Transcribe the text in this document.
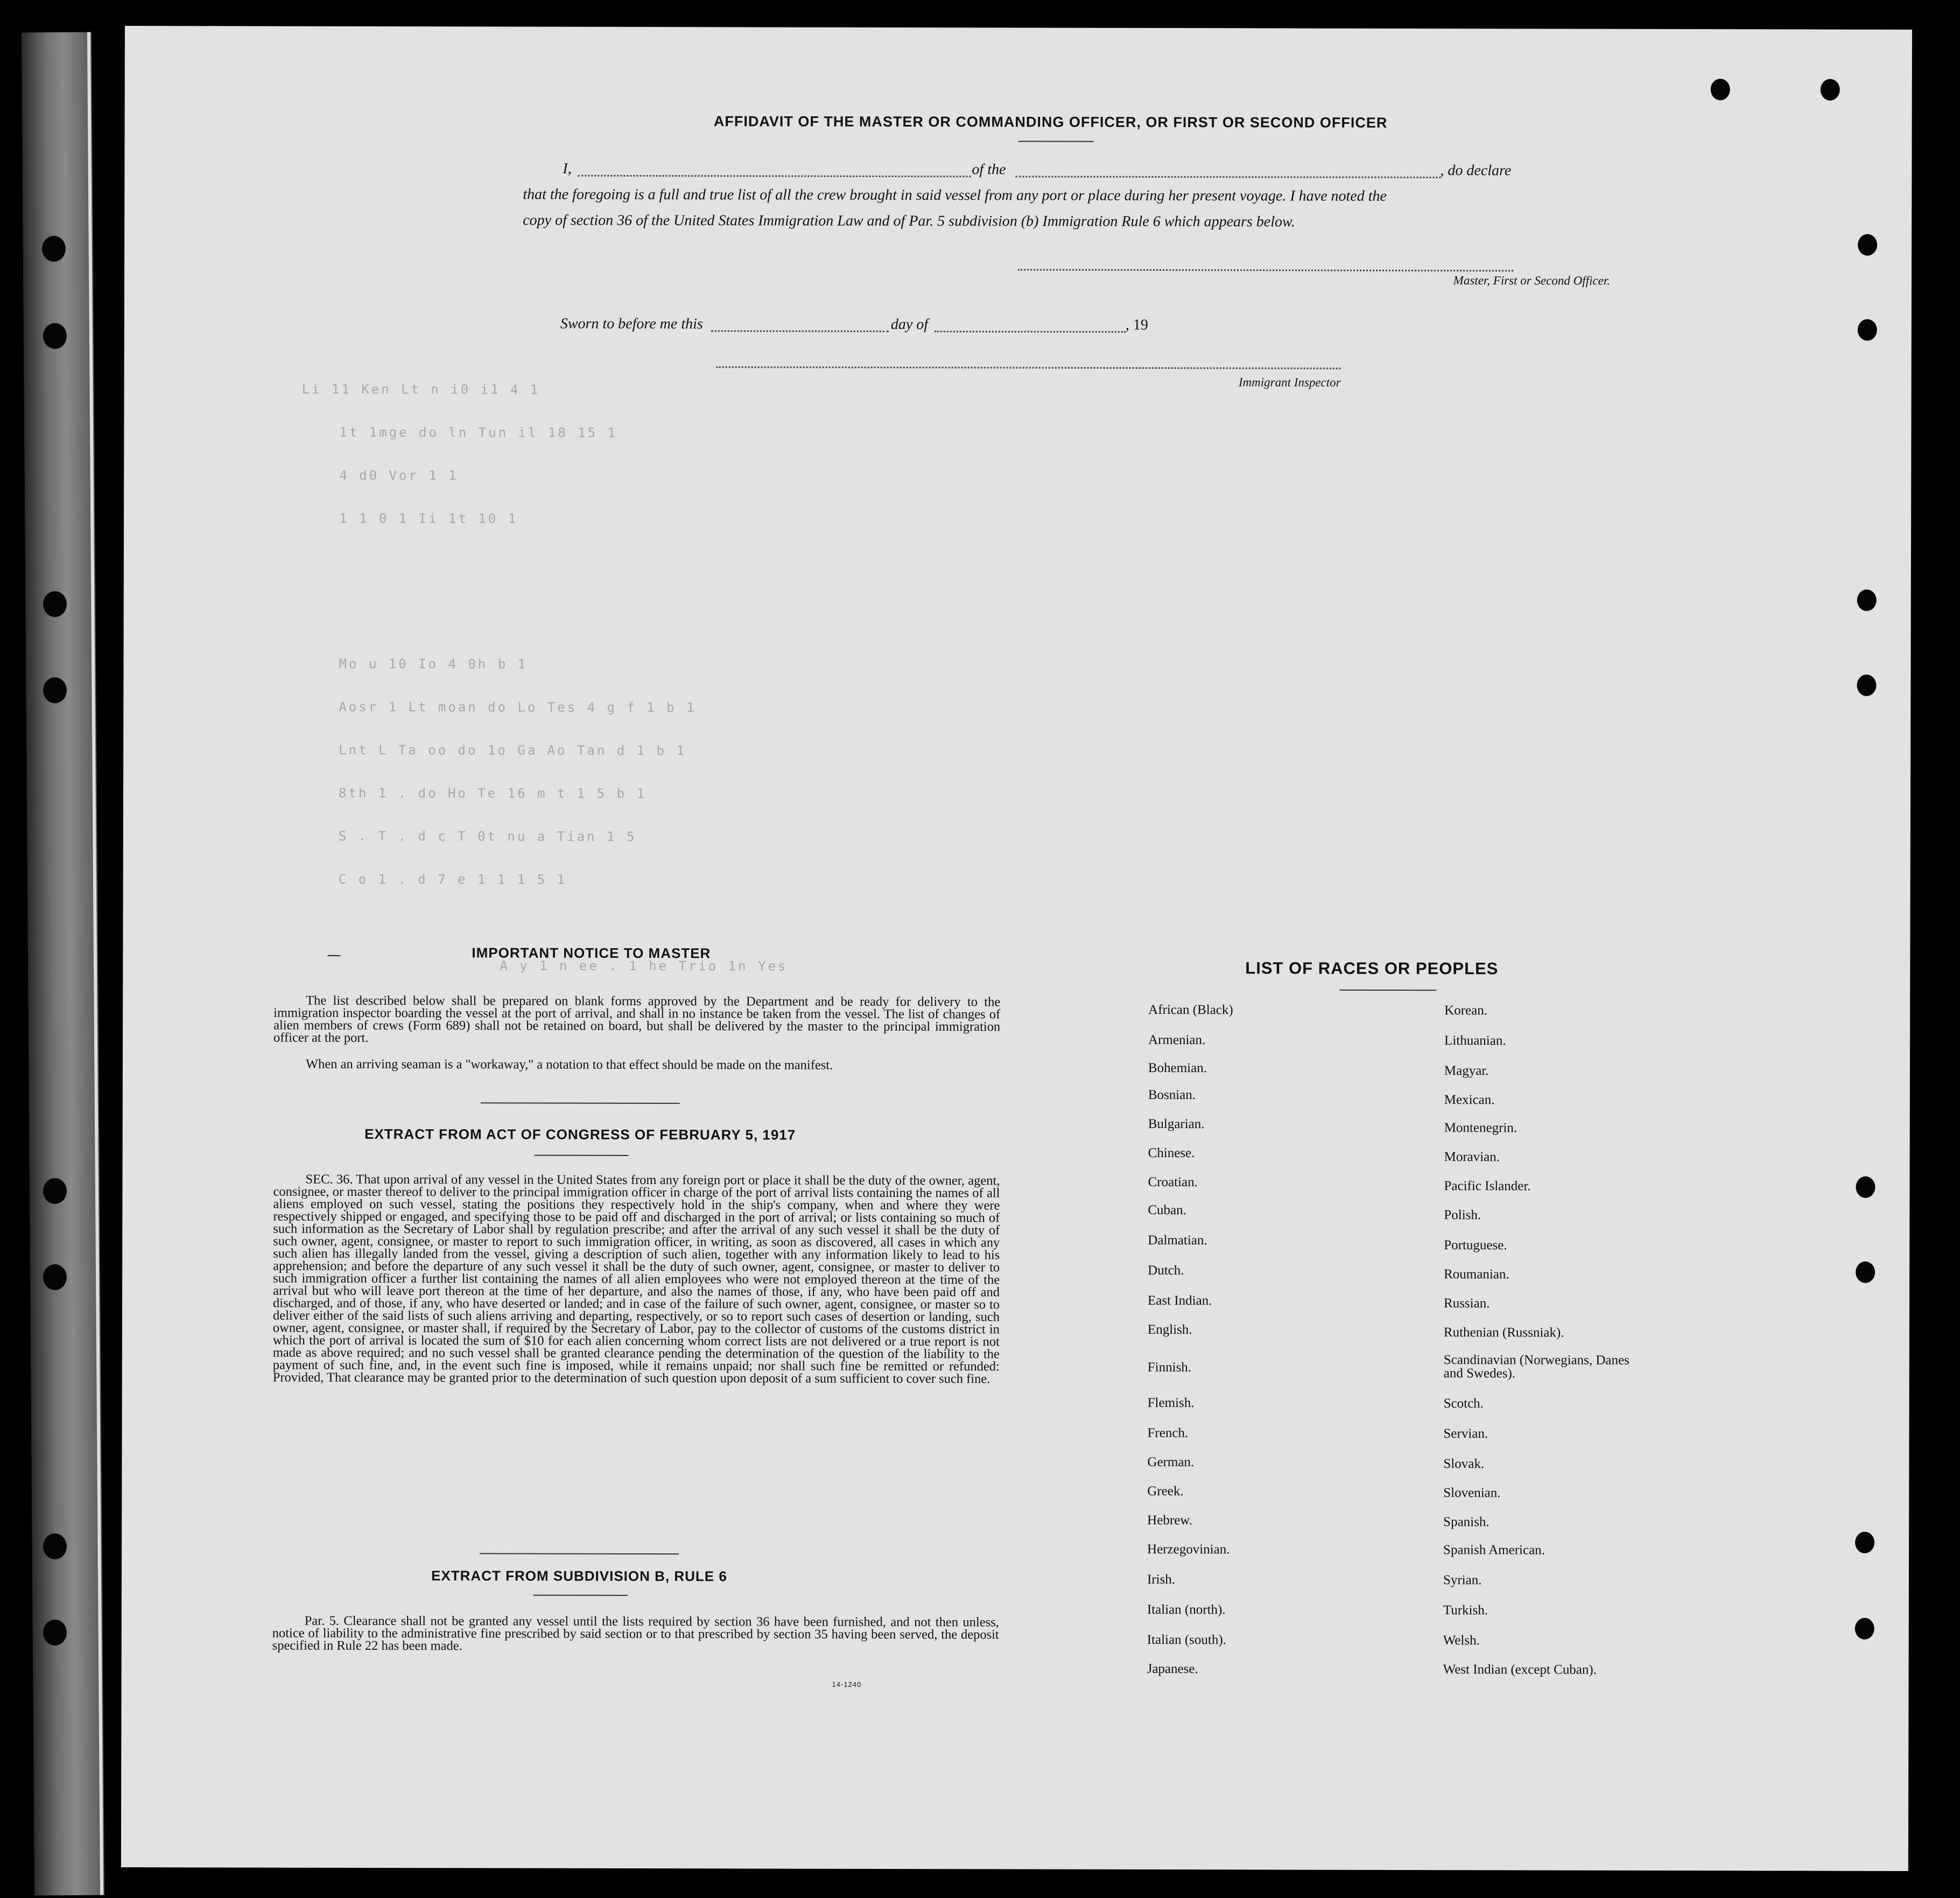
Li 11 Ken Lt n i0 i1 4 1
1t 1mge do ln Tun il 18 15 1
4 d0 Vor 1 1
1 1 0 1 Ii 1t 10 1
Mo u 10 Io 4 0h b 1
Aosr 1 Lt moan do Lo Tes 4 g f 1 b 1
Lnt L Ta oo do 1o Ga Ao Tan d 1 b 1
8th 1 . do Ho Te 16 m t 1 5 b 1
S . T . d c T 0t nu a Tian 1 5
C o 1 . d 7 e 1 1 1 5 1
A y 1 n ee . 1 he Trio 1n Yes
AFFIDAVIT OF THE MASTER OR COMMANDING OFFICER, OR FIRST OR SECOND OFFICER
I,	of the	, do declare
that the foregoing is a full and true list of all the crew brought in said vessel from any port or place during her present voyage. I have noted the
copy of section 36 of the United States Immigration Law and of Par. 5 subdivision (b) Immigration Rule 6 which appears below.
Master, First or Second Officer.
Sworn to before me this	day of	, 19
Immigrant Inspector
IMPORTANT NOTICE TO MASTER
The list described below shall be prepared on blank forms approved by the Department and be ready for delivery to the immigration inspector boarding the vessel at the port of arrival, and shall in no instance be taken from the vessel. The list of changes of alien members of crews (Form 689) shall not be retained on board, but shall be delivered by the master to the principal immigration officer at the port.
When an arriving seaman is a "workaway," a notation to that effect should be made on the manifest.
EXTRACT FROM ACT OF CONGRESS OF FEBRUARY 5, 1917
SEC. 36. That upon arrival of any vessel in the United States from any foreign port or place it shall be the duty of the owner, agent, consignee, or master thereof to deliver to the principal immigration officer in charge of the port of arrival lists containing the names of all aliens employed on such vessel, stating the positions they respectively hold in the ship's company, when and where they were respectively shipped or engaged, and specifying those to be paid off and discharged in the port of arrival; or lists containing so much of such information as the Secretary of Labor shall by regulation prescribe; and after the arrival of any such vessel it shall be the duty of such owner, agent, consignee, or master to report to such immigration officer, in writing, as soon as discovered, all cases in which any such alien has illegally landed from the vessel, giving a description of such alien, together with any information likely to lead to his apprehension; and before the departure of any such vessel it shall be the duty of such owner, agent, consignee, or master to deliver to such immigration officer a further list containing the names of all alien employees who were not employed thereon at the time of the arrival but who will leave port thereon at the time of her departure, and also the names of those, if any, who have been paid off and discharged, and of those, if any, who have deserted or landed; and in case of the failure of such owner, agent, consignee, or master so to deliver either of the said lists of such aliens arriving and departing, respectively, or so to report such cases of desertion or landing, such owner, agent, consignee, or master shall, if required by the Secretary of Labor, pay to the collector of customs of the customs district in which the port of arrival is located the sum of $10 for each alien concerning whom correct lists are not delivered or a true report is not made as above required; and no such vessel shall be granted clearance pending the determination of the question of the liability to the payment of such fine, and, in the event such fine is imposed, while it remains unpaid; nor shall such fine be remitted or refunded: Provided, That clearance may be granted prior to the determination of such question upon deposit of a sum sufficient to cover such fine.
EXTRACT FROM SUBDIVISION B, RULE 6
Par. 5. Clearance shall not be granted any vessel until the lists required by section 36 have been furnished, and not then unless, notice of liability to the administrative fine prescribed by said section or to that prescribed by section 35 having been served, the deposit specified in Rule 22 has been made.
14-1240
LIST OF RACES OR PEOPLES
African (Black)
Armenian.
Bohemian.
Bosnian.
Bulgarian.
Chinese.
Croatian.
Cuban.
Dalmatian.
Dutch.
East Indian.
English.
Finnish.
Flemish.
French.
German.
Greek.
Hebrew.
Herzegovinian.
Irish.
Italian (north).
Italian (south).
Japanese.
Korean.
Lithuanian.
Magyar.
Mexican.
Montenegrin.
Moravian.
Pacific Islander.
Polish.
Portuguese.
Roumanian.
Russian.
Ruthenian (Russniak).
Scandinavian (Norwegians, Danes and Swedes).
Scotch.
Servian.
Slovak.
Slovenian.
Spanish.
Spanish American.
Syrian.
Turkish.
Welsh.
West Indian (except Cuban).
